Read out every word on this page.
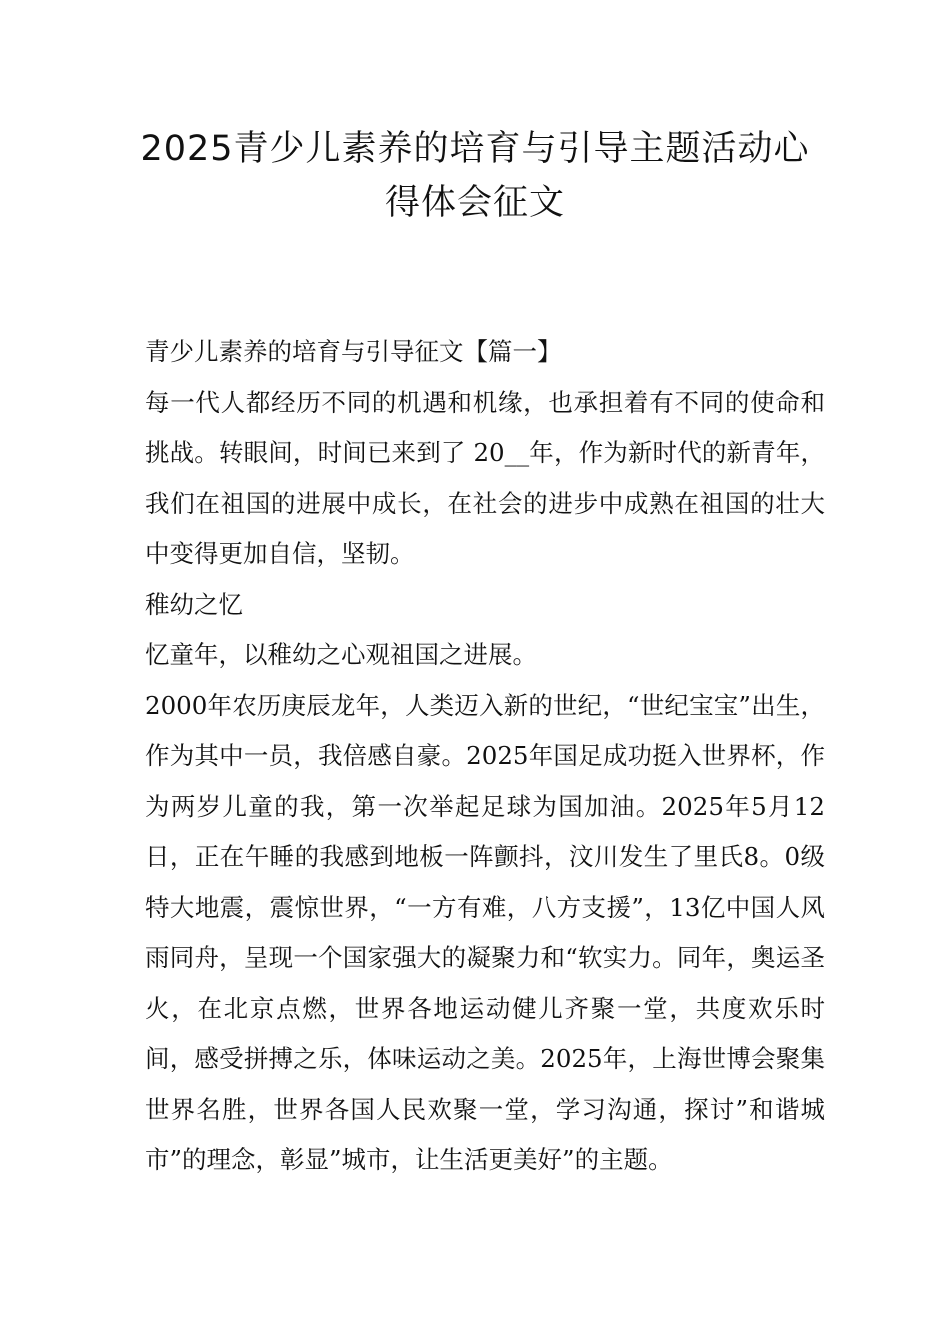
2025青少儿素养的培育与引导主题活动心
得体会征文

青少儿素养的培育与引导征文【篇一】

每一代人都经历不同的机遇和机缘，也承担着有不同的使命和挑战。转眼间，时间已来到了 20__年，作为新时代的新青年，我们在祖国的进展中成长，在社会的进步中成熟在祖国的壮大中变得更加自信，坚韧。

稚幼之忆

忆童年，以稚幼之心观祖国之进展。

2000年农历庚辰龙年，人类迈入新的世纪，“世纪宝宝”出生，作为其中一员，我倍感自豪。2025年国足成功挺入世界杯，作为两岁儿童的我，第一次举起足球为国加油。2025年5月12日，正在午睡的我感到地板一阵颤抖，汶川发生了里氏8。0级特大地震，震惊世界，“一方有难，八方支援”，13亿中国人风雨同舟，呈现一个国家强大的凝聚力和“软实力。同年，奥运圣火，在北京点燃，世界各地运动健儿齐聚一堂，共度欢乐时间，感受拼搏之乐，体味运动之美。2025年，上海世博会聚集世界名胜，世界各国人民欢聚一堂，学习沟通，探讨”和谐城市”的理念，彰显”城市，让生活更美好”的主题。
